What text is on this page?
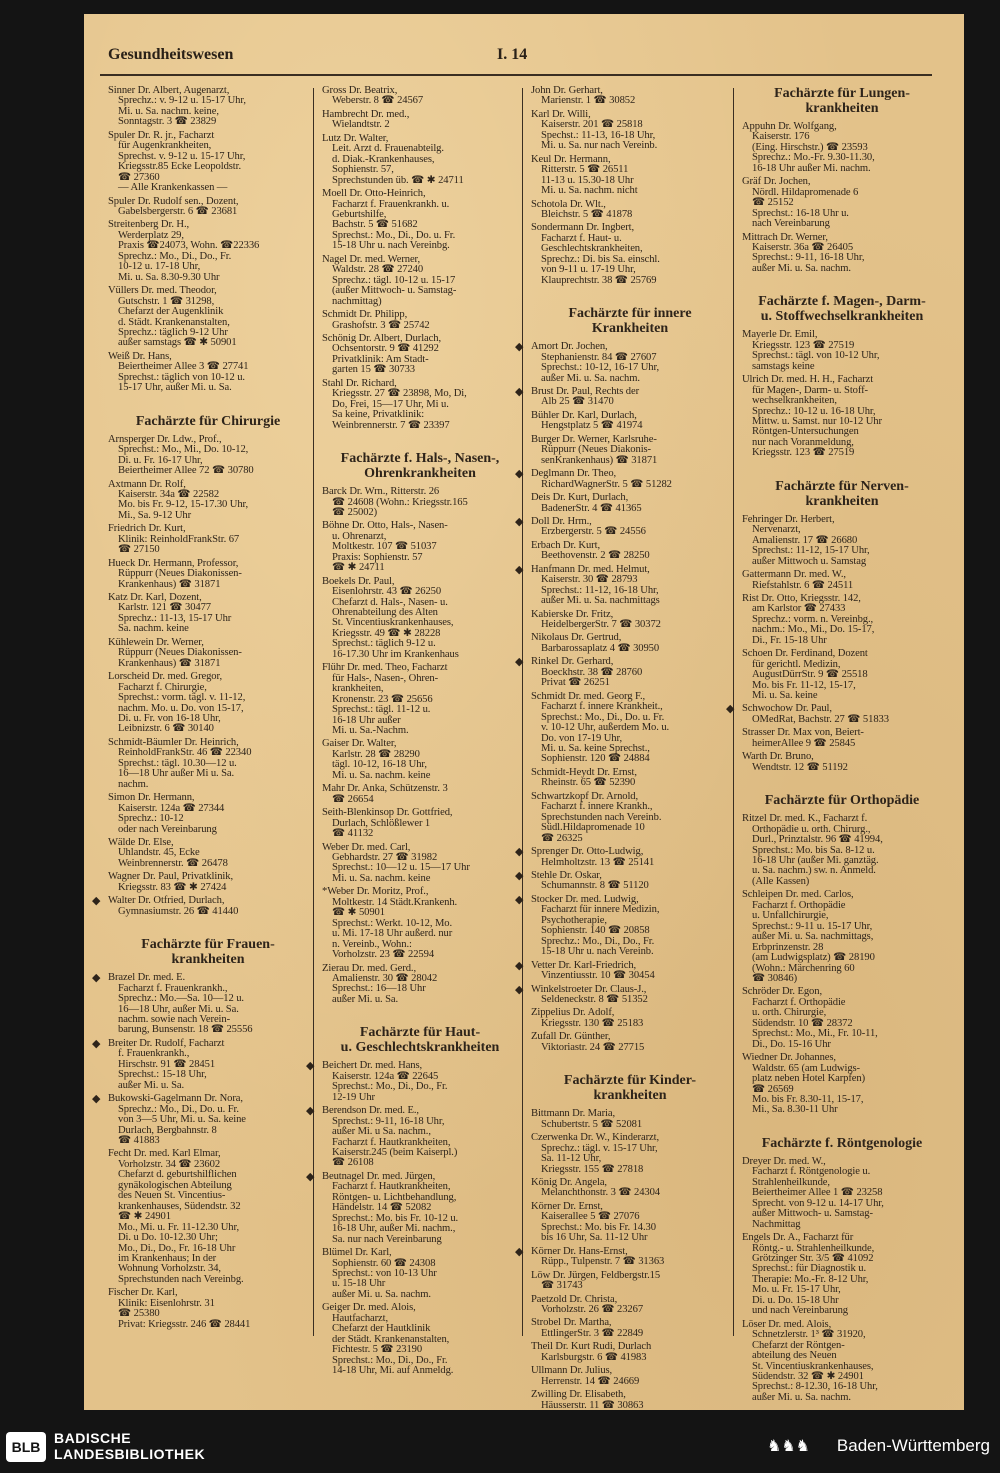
Gesundheitswesen	I. 14
Sinner Dr. Albert, Augenarzt,
Sprechz.: v. 9-12 u. 15-17 Uhr,
Mi. u. Sa. nachm. keine,
Sonntagstr. 3 ☎ 23829
Spuler Dr. R. jr., Facharzt
für Augenkrankheiten,
Sprechst. v. 9-12 u. 15-17 Uhr,
Kriegsstr.85 Ecke Leopoldstr.
☎ 27360
— Alle Krankenkassen —
Spuler Dr. Rudolf sen., Dozent,
Gabelsbergerstr. 6 ☎ 23681
Streitenberg Dr. H.,
Werderplatz 29,
Praxis ☎24073, Wohn. ☎22336
Sprechz.: Mo., Di., Do., Fr.
10-12 u. 17-18 Uhr,
Mi. u. Sa. 8.30-9.30 Uhr
Vüllers Dr. med. Theodor,
Gutschstr. 1 ☎ 31298,
Chefarzt der Augenklinik
d. Städt. Krankenanstalten,
Sprechz.: täglich 9-12 Uhr
außer samstags ☎ ✱ 50901
Weiß Dr. Hans,
Beiertheimer Allee 3 ☎ 27741
Sprechst.: täglich von 10-12 u.
15-17 Uhr, außer Mi. u. Sa.
Fachärzte für Chirurgie
Arnsperger Dr. Ldw., Prof.,
Sprechst.: Mo., Mi., Do. 10-12,
Di. u. Fr. 16-17 Uhr,
Beiertheimer Allee 72 ☎ 30780
Axtmann Dr. Rolf,
Kaiserstr. 34a ☎ 22582
Mo. bis Fr. 9-12, 15-17.30 Uhr,
Mi., Sa. 9-12 Uhr
Friedrich Dr. Kurt,
Klinik: ReinholdFrankStr. 67
☎ 27150
Hueck Dr. Hermann, Professor,
Rüppurr (Neues Diakonissen-
Krankenhaus) ☎ 31871
Katz Dr. Karl, Dozent,
Karlstr. 121 ☎ 30477
Sprechz.: 11-13, 15-17 Uhr
Sa. nachm. keine
Kühlewein Dr. Werner,
Rüppurr (Neues Diakonissen-
Krankenhaus) ☎ 31871
Lorscheid Dr. med. Gregor,
Facharzt f. Chirurgie,
Sprechst.: vorm. tägl. v. 11-12,
nachm. Mo. u. Do. von 15-17,
Di. u. Fr. von 16-18 Uhr,
Leibnizstr. 6 ☎ 30140
Schmidt-Bäumler Dr. Heinrich,
ReinholdFrankStr. 46 ☎ 22340
Sprechst.: tägl. 10.30—12 u.
16—18 Uhr außer Mi u. Sa.
nachm.
Simon Dr. Hermann,
Kaiserstr. 124a ☎ 27344
Sprechz.: 10-12
oder nach Vereinbarung
Wälde Dr. Else,
Uhlandstr. 45, Ecke
Weinbrennerstr. ☎ 26478
Wagner Dr. Paul, Privatklinik,
Kriegsstr. 83 ☎ ✱ 27424
◆ Walter Dr. Otfried, Durlach,
Gymnasiumstr. 26 ☎ 41440
Fachärzte für Frauen-
krankheiten
◆ Brazel Dr. med. E.
Facharzt f. Frauenkrankh.,
Sprechz.: Mo.—Sa. 10—12 u.
16—18 Uhr, außer Mi. u. Sa.
nachm. sowie nach Verein-
barung, Bunsenstr. 18 ☎ 25556
◆ Breiter Dr. Rudolf, Facharzt
f. Frauenkrankh.,
Hirschstr. 91 ☎ 28451
Sprechst.: 15-18 Uhr,
außer Mi. u. Sa.
◆ Bukowski-Gagelmann Dr. Nora,
Sprechz.: Mo., Di., Do. u. Fr.
von 3—5 Uhr, Mi. u. Sa. keine
Durlach, Bergbahnstr. 8
☎ 41883
Fecht Dr. med. Karl Elmar,
Vorholzstr. 34 ☎ 23602
Chefarzt d. geburtshilflichen
gynäkologischen Abteilung
des Neuen St. Vincentius-
krankenhauses, Südendstr. 32
☎ ✱ 24901
Mo., Mi. u. Fr. 11-12.30 Uhr,
Di. u Do. 10-12.30 Uhr;
Mo., Di., Do., Fr. 16-18 Uhr
im Krankenhaus; In der
Wohnung Vorholzstr. 34,
Sprechstunden nach Vereinbg.
Fischer Dr. Karl,
Klinik: Eisenlohrstr. 31
☎ 25380
Privat: Kriegsstr. 246 ☎ 28441
Gross Dr. Beatrix,
Weberstr. 8 ☎ 24567
Hambrecht Dr. med.,
Wielandtstr. 2
Lutz Dr. Walter,
Leit. Arzt d. Frauenabteilg.
d. Diak.-Krankenhauses,
Sophienstr. 57,
Sprechstunden üb. ☎ ✱ 24711
Moell Dr. Otto-Heinrich,
Facharzt f. Frauenkrankh. u.
Geburtshilfe,
Bachstr. 5 ☎ 51682
Sprechst.: Mo., Di., Do. u. Fr.
15-18 Uhr u. nach Vereinbg.
Nagel Dr. med. Werner,
Waldstr. 28 ☎ 27240
Sprechz.: tägl. 10-12 u. 15-17
(außer Mittwoch- u. Samstag-
nachmittag)
Schmidt Dr. Philipp,
Grashofstr. 3 ☎ 25742
Schönig Dr. Albert, Durlach,
Ochsentorstr. 9 ☎ 41292
Privatklinik: Am Stadt-
garten 15 ☎ 30733
Stahl Dr. Richard,
Kriegsstr. 27 ☎ 23898, Mo, Di,
Do, Frei, 15—17 Uhr, Mi u.
Sa keine, Privatklinik:
Weinbrennerstr. 7 ☎ 23397
Fachärzte f. Hals-, Nasen-,
Ohrenkrankheiten
Barck Dr. Wrn., Ritterstr. 26
☎ 24608 (Wohn.: Kriegsstr.165
☎ 25002)
Böhne Dr. Otto, Hals-, Nasen-
u. Ohrenarzt,
Moltkestr. 107 ☎ 51037
Praxis: Sophienstr. 57
☎ ✱ 24711
Boekels Dr. Paul,
Eisenlohrstr. 43 ☎ 26250
Chefarzt d. Hals-, Nasen- u.
Ohrenabteilung des Alten
St. Vincentiuskrankenhauses,
Kriegsstr. 49 ☎ ✱ 28228
Sprechst.: täglich 9-12 u.
16-17.30 Uhr im Krankenhaus
Flühr Dr. med. Theo, Facharzt
für Hals-, Nasen-, Ohren-
krankheiten,
Kronenstr. 23 ☎ 25656
Sprechst.: tägl. 11-12 u.
16-18 Uhr außer
Mi. u. Sa.-Nachm.
Gaiser Dr. Walter,
Karlstr. 28 ☎ 28290
tägl. 10-12, 16-18 Uhr,
Mi. u. Sa. nachm. keine
Mahr Dr. Anka, Schützenstr. 3
☎ 26654
Seith-Blenkinsop Dr. Gottfried,
Durlach, Schlößlewer 1
☎ 41132
Weber Dr. med. Carl,
Gebhardstr. 27 ☎ 31982
Sprechst.: 10—12 u. 15—17 Uhr
Mi. u. Sa. nachm. keine
*Weber Dr. Moritz, Prof.,
Moltkestr. 14 Städt.Krankenh.
☎ ✱ 50901
Sprechst.: Werkt. 10-12, Mo.
u. Mi. 17-18 Uhr außerd. nur
n. Vereinb., Wohn.:
Vorholzstr. 23 ☎ 22594
Zierau Dr. med. Gerd.,
Amalienstr. 30 ☎ 28042
Sprechst.: 16—18 Uhr
außer Mi. u. Sa.
Fachärzte für Haut-
u. Geschlechtskrankheiten
◆ Beichert Dr. med. Hans,
Kaiserstr. 124a ☎ 22645
Sprechst.: Mo., Di., Do., Fr.
12-19 Uhr
◆ Berendson Dr. med. E.,
Sprechst.: 9-11, 16-18 Uhr,
außer Mi. u Sa. nachm.,
Facharzt f. Hautkrankheiten,
Kaiserstr.245 (beim Kaiserpl.)
☎ 26108
◆ Beutnagel Dr. med. Jürgen,
Facharzt f. Hautkrankheiten,
Röntgen- u. Lichtbehandlung,
Händelstr. 14 ☎ 52082
Sprechst.: Mo. bis Fr. 10-12 u.
16-18 Uhr, außer Mi. nachm.,
Sa. nur nach Vereinbarung
Blümel Dr. Karl,
Sophienstr. 60 ☎ 24308
Sprechst.: von 10-13 Uhr
u. 15-18 Uhr
außer Mi. u. Sa. nachm.
Geiger Dr. med. Alois,
Hautfacharzt,
Chefarzt der Hautklinik
der Städt. Krankenanstalten,
Fichtestr. 5 ☎ 23190
Sprechst.: Mo., Di., Do., Fr.
14-18 Uhr, Mi. auf Anmeldg.
John Dr. Gerhart,
Marienstr. 1 ☎ 30852
Karl Dr. Willi,
Kaiserstr. 201 ☎ 25818
Spechst.: 11-13, 16-18 Uhr,
Mi. u. Sa. nur nach Vereinb.
Keul Dr. Hermann,
Ritterstr. 5 ☎ 26511
11-13 u. 15.30-18 Uhr
Mi. u. Sa. nachm. nicht
Schotola Dr. Wlt.,
Bleichstr. 5 ☎ 41878
Sondermann Dr. Ingbert,
Facharzt f. Haut- u.
Geschlechtskrankheiten,
Sprechz.: Di. bis Sa. einschl.
von 9-11 u. 17-19 Uhr,
Klauprechtstr. 38 ☎ 25769
Fachärzte für innere
Krankheiten
◆ Amort Dr. Jochen,
Stephanienstr. 84 ☎ 27607
Sprechst.: 10-12, 16-17 Uhr,
außer Mi. u. Sa. nachm.
◆ Brust Dr. Paul, Rechts der
Alb 25 ☎ 31470
Bühler Dr. Karl, Durlach,
Hengstplatz 5 ☎ 41974
Burger Dr. Werner, Karlsruhe-
Rüppurr (Neues Diakonis-
senKrankenhaus) ☎ 31871
◆ Deglmann Dr. Theo,
RichardWagnerStr. 5 ☎ 51282
Deis Dr. Kurt, Durlach,
BadenerStr. 4 ☎ 41365
◆ Doll Dr. Hrm.,
Erzbergerstr. 5 ☎ 24556
Erbach Dr. Kurt,
Beethovenstr. 2 ☎ 28250
◆ Hanfmann Dr. med. Helmut,
Kaiserstr. 30 ☎ 28793
Sprechst.: 11-12, 16-18 Uhr,
außer Mi. u. Sa. nachmittags
Kabierske Dr. Fritz,
HeidelbergerStr. 7 ☎ 30372
Nikolaus Dr. Gertrud,
Barbarossaplatz 4 ☎ 30950
◆ Rinkel Dr. Gerhard,
Boeckhstr. 38 ☎ 28760
Privat ☎ 26251
Schmidt Dr. med. Georg F.,
Facharzt f. innere Krankheit.,
Sprechst.: Mo., Di., Do. u. Fr.
v. 10-12 Uhr, außerdem Mo. u.
Do. von 17-19 Uhr,
Mi. u. Sa. keine Sprechst.,
Sophienstr. 120 ☎ 24884
Schmidt-Heydt Dr. Ernst,
Rheinstr. 65 ☎ 52390
Schwartzkopf Dr. Arnold,
Facharzt f. innere Krankh.,
Sprechstunden nach Vereinb.
Südl.Hildapromenade 10
☎ 26325
◆ Sprenger Dr. Otto-Ludwig,
Helmholtzstr. 13 ☎ 25141
◆ Stehle Dr. Oskar,
Schumannstr. 8 ☎ 51120
◆ Stocker Dr. med. Ludwig,
Facharzt für innere Medizin,
Psychotherapie,
Sophienstr. 140 ☎ 20858
Sprechz.: Mo., Di., Do., Fr.
15-18 Uhr u. nach Vereinb.
◆ Vetter Dr. Karl-Friedrich,
Vinzentiusstr. 10 ☎ 30454
◆ Winkelstroeter Dr. Claus-J.,
Seldeneckstr. 8 ☎ 51352
Zippelius Dr. Adolf,
Kriegsstr. 130 ☎ 25183
Zufall Dr. Günther,
Viktoriastr. 24 ☎ 27715
Fachärzte für Kinder-
krankheiten
Bittmann Dr. Maria,
Schubertstr. 5 ☎ 52081
Czerwenka Dr. W., Kinderarzt,
Sprechz.: tägl. v. 15-17 Uhr,
Sa. 11-12 Uhr,
Kriegsstr. 155 ☎ 27818
König Dr. Angela,
Melanchthonstr. 3 ☎ 24304
Körner Dr. Ernst,
Kaiserallee 5 ☎ 27076
Sprechst.: Mo. bis Fr. 14.30
bis 16 Uhr, Sa. 11-12 Uhr
◆ Körner Dr. Hans-Ernst,
Rüpp., Tulpenstr. 7 ☎ 31363
Löw Dr. Jürgen, Feldbergstr.15
☎ 31743
Paetzold Dr. Christa,
Vorholzstr. 26 ☎ 23267
Strobel Dr. Martha,
EttlingerStr. 3 ☎ 22849
Theil Dr. Kurt Rudi, Durlach
Karlsburgstr. 6 ☎ 41983
Ullmann Dr. Julius,
Herrenstr. 14 ☎ 24669
Zwilling Dr. Elisabeth,
Häusserstr. 11 ☎ 30863
Fachärzte für Lungen-
krankheiten
Appuhn Dr. Wolfgang,
Kaiserstr. 176
(Eing. Hirschstr.) ☎ 23593
Sprechz.: Mo.-Fr. 9.30-11.30,
16-18 Uhr außer Mi. nachm.
Gräf Dr. Jochen,
Nördl. Hildapromenade 6
☎ 25152
Sprechst.: 16-18 Uhr u.
nach Vereinbarung
Mittrach Dr. Werner,
Kaiserstr. 36a ☎ 26405
Sprechst.: 9-11, 16-18 Uhr,
außer Mi. u. Sa. nachm.
Fachärzte f. Magen-, Darm-
u. Stoffwechselkrankheiten
Mayerle Dr. Emil,
Kriegsstr. 123 ☎ 27519
Sprechst.: tägl. von 10-12 Uhr,
samstags keine
Ulrich Dr. med. H. H., Facharzt
für Magen-, Darm- u. Stoff-
wechselkrankheiten,
Sprechz.: 10-12 u. 16-18 Uhr,
Mittw. u. Samst. nur 10-12 Uhr
Röntgen-Untersuchungen
nur nach Voranmeldung,
Kriegsstr. 123 ☎ 27519
Fachärzte für Nerven-
krankheiten
Fehringer Dr. Herbert,
Nervenarzt,
Amalienstr. 17 ☎ 26680
Sprechst.: 11-12, 15-17 Uhr,
außer Mittwoch u. Samstag
Gattermann Dr. med. W.,
Riefstahlstr. 6 ☎ 24511
Rist Dr. Otto, Kriegsstr. 142,
am Karlstor ☎ 27433
Sprechz.: vorm. n. Vereinbg.,
nachm.: Mo., Mi., Do. 15-17,
Di., Fr. 15-18 Uhr
Schoen Dr. Ferdinand, Dozent
für gerichtl. Medizin,
AugustDürrStr. 9 ☎ 25518
Mo. bis Fr. 11-12, 15-17,
Mi. u. Sa. keine
◆ Schwochow Dr. Paul,
OMedRat, Bachstr. 27 ☎ 51833
Strasser Dr. Max von, Beiert-
heimerAllee 9 ☎ 25845
Warth Dr. Bruno,
Wendtstr. 12 ☎ 51192
Fachärzte für Orthopädie
Ritzel Dr. med. K., Facharzt f.
Orthopädie u. orth. Chirurg.,
Durl., Prinztalstr. 96 ☎ 41994,
Sprechst.: Mo. bis Sa. 8-12 u.
16-18 Uhr (außer Mi. ganztäg.
u. Sa. nachm.) sw. n. Anmeld.
(Alle Kassen)
Schleipen Dr. med. Carlos,
Facharzt f. Orthopädie
u. Unfallchirurgie,
Sprechst.: 9-11 u. 15-17 Uhr,
außer Mi. u. Sa. nachmittags,
Erbprinzenstr. 28
(am Ludwigsplatz) ☎ 28190
(Wohn.: Märchenring 60
☎ 30846)
Schröder Dr. Egon,
Facharzt f. Orthopädie
u. orth. Chirurgie,
Südendstr. 10 ☎ 28372
Sprechst.: Mo., Mi., Fr. 10-11,
Di., Do. 15-16 Uhr
Wiedner Dr. Johannes,
Waldstr. 65 (am Ludwigs-
platz neben Hotel Karpfen)
☎ 26569
Mo. bis Fr. 8.30-11, 15-17,
Mi., Sa. 8.30-11 Uhr
Fachärzte f. Röntgenologie
Dreyer Dr. med. W.,
Facharzt f. Röntgenologie u.
Strahlenheilkunde,
Beiertheimer Allee 1 ☎ 23258
Sprecht. von 9-12 u. 14-17 Uhr,
außer Mittwoch- u. Samstag-
Nachmittag
Engels Dr. A., Facharzt für
Röntg.- u. Strahlenheilkunde,
Grötzinger Str. 3/5 ☎ 41092
Sprechst.: für Diagnostik u.
Therapie: Mo.-Fr. 8-12 Uhr,
Mo. u. Fr. 15-17 Uhr,
Di. u. Do. 15-18 Uhr
und nach Vereinbarung
Löser Dr. med. Alois,
Schnetzlerstr. 1³ ☎ 31920,
Chefarzt der Röntgen-
abteilung des Neuen
St. Vincentiuskrankenhauses,
Südendstr. 32 ☎ ✱ 24901
Sprechst.: 8-12.30, 16-18 Uhr,
außer Mi. u. Sa. nachm.
BLB
BADISCHE
LANDESBIBLIOTHEK	♞♞♞ Baden-Württemberg
